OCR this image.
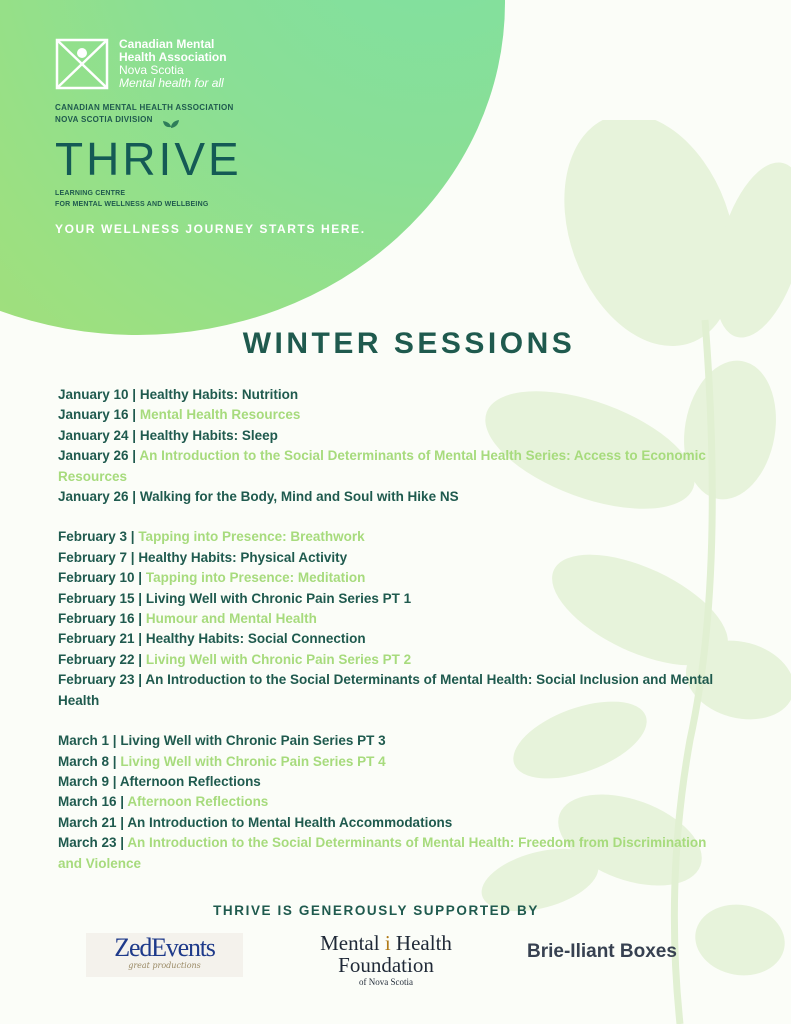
Canadian Mental
Health Association
Nova Scotia
Mental health for all
CANADIAN MENTAL HEALTH ASSOCIATION
NOVA SCOTIA DIVISION
THRIVE
LEARNING CENTRE
FOR MENTAL WELLNESS AND WELLBEING
YOUR WELLNESS JOURNEY STARTS HERE.
WINTER SESSIONS
January 10 | Healthy Habits: Nutrition
January 16 | Mental Health Resources
January 24 | Healthy Habits: Sleep
January 26 | An Introduction to the Social Determinants of Mental Health Series: Access to Economic Resources
January 26 | Walking for the Body, Mind and Soul with Hike NS
February 3 | Tapping into Presence: Breathwork
February 7 | Healthy Habits: Physical Activity
February 10 | Tapping into Presence: Meditation
February 15 | Living Well with Chronic Pain Series PT 1
February 16 | Humour and Mental Health
February 21 | Healthy Habits: Social Connection
February 22 | Living Well with Chronic Pain Series PT 2
February 23 | An Introduction to the Social Determinants of Mental Health: Social Inclusion and Mental Health
March 1 | Living Well with Chronic Pain Series PT 3
March 8 | Living Well with Chronic Pain Series PT 4
March 9 | Afternoon Reflections
March 16 | Afternoon Reflections
March 21 | An Introduction to Mental Health Accommodations
March 23 | An Introduction to the Social Determinants of Mental Health: Freedom from Discrimination and Violence
THRIVE IS GENEROUSLY SUPPORTED BY
ZedEvents
great productions
Mental i Health
Foundation
of Nova Scotia
Brie-Iliant Boxes
